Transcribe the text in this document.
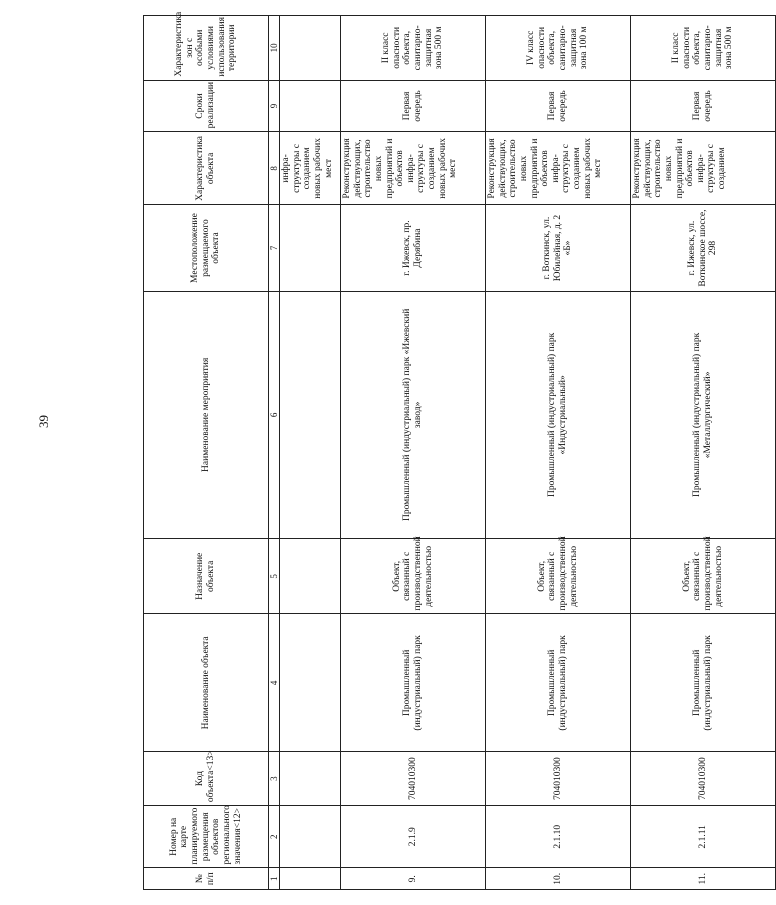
39
№ п/п	Номер на карте планируемого размещения объектов регионального значения<12>	Код объекта<13>	Наименование объекта	Назначение объекта	Наименование мероприятия	Местоположение размещаемого объекта	Характеристика объекта	Сроки реализации	Характеристика зон с особыми условиями использования территории
1	2	3	4	5	6	7	8	9	10
							инфра-структуры с созданием новых рабочих мест		
9.	2.1.9	704010300	Промышленный (индустриальный) парк	Объект, связанный с производственной деятельностью	Промышленный (индустриальный) парк «Ижевский завод»	г. Ижевск, пр. Дерябина	Реконструкция действующих, строительство новых предприятий и объектов инфра-структуры с созданием новых рабочих мест	Первая очередь	II класс опасности объекта, санитарно-защитная зона 500 м
10.	2.1.10	704010300	Промышленный (индустриальный) парк	Объект, связанный с производственной деятельностью	Промышленный (индустриальный) парк «Индустриальный»	г. Воткинск, ул. Юбилейная, д. 2 «Б»	Реконструкция действующих, строительство новых предприятий и объектов инфра-структуры с созданием новых рабочих мест	Первая очередь	IV класс опасности объекта, санитарно-защитная зона 100 м
11.	2.1.11	704010300	Промышленный (индустриальный) парк	Объект, связанный с производственной деятельностью	Промышленный (индустриальный) парк «Металлургический»	г. Ижевск, ул. Воткинское шоссе, 298	Реконструкция действующих, строительство новых предприятий и объектов инфра-структуры с созданием	Первая очередь	II класс опасности объекта, санитарно-защитная зона 500 м
